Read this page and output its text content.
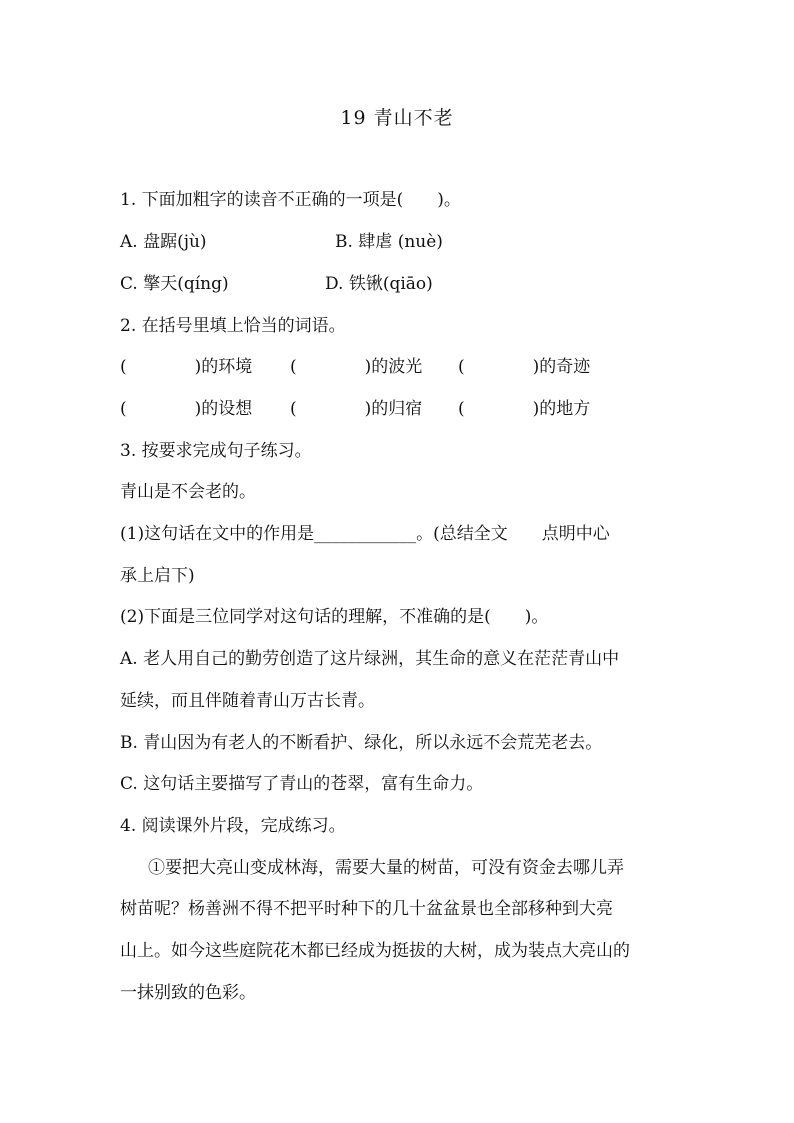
19 青山不老
1. 下面加粗字的读音不正确的一项是(　　)。
A. 盘踞(jù)	B. 肆虐 (nuè)
C. 擎天(qíng)	D. 铁锹(qiāo)
2. 在括号里填上恰当的词语。
(　　　　)的环境 (　　　　)的波光 (　　　　)的奇迹
(　　　　)的设想 (　　　　)的归宿 (　　　　)的地方
3. 按要求完成句子练习。
青山是不会老的。
(1)这句话在文中的作用是____________。(总结全文　　点明中心
承上启下)
(2)下面是三位同学对这句话的理解，不准确的是(　　)。
A. 老人用自己的勤劳创造了这片绿洲，其生命的意义在茫茫青山中
延续，而且伴随着青山万古长青。
B. 青山因为有老人的不断看护、绿化，所以永远不会荒芜老去。
C. 这句话主要描写了青山的苍翠，富有生命力。
4. 阅读课外片段，完成练习。
①要把大亮山变成林海，需要大量的树苗，可没有资金去哪儿弄
树苗呢？杨善洲不得不把平时种下的几十盆盆景也全部移种到大亮
山上。如今这些庭院花木都已经成为挺拔的大树，成为装点大亮山的
一抹别致的色彩。
